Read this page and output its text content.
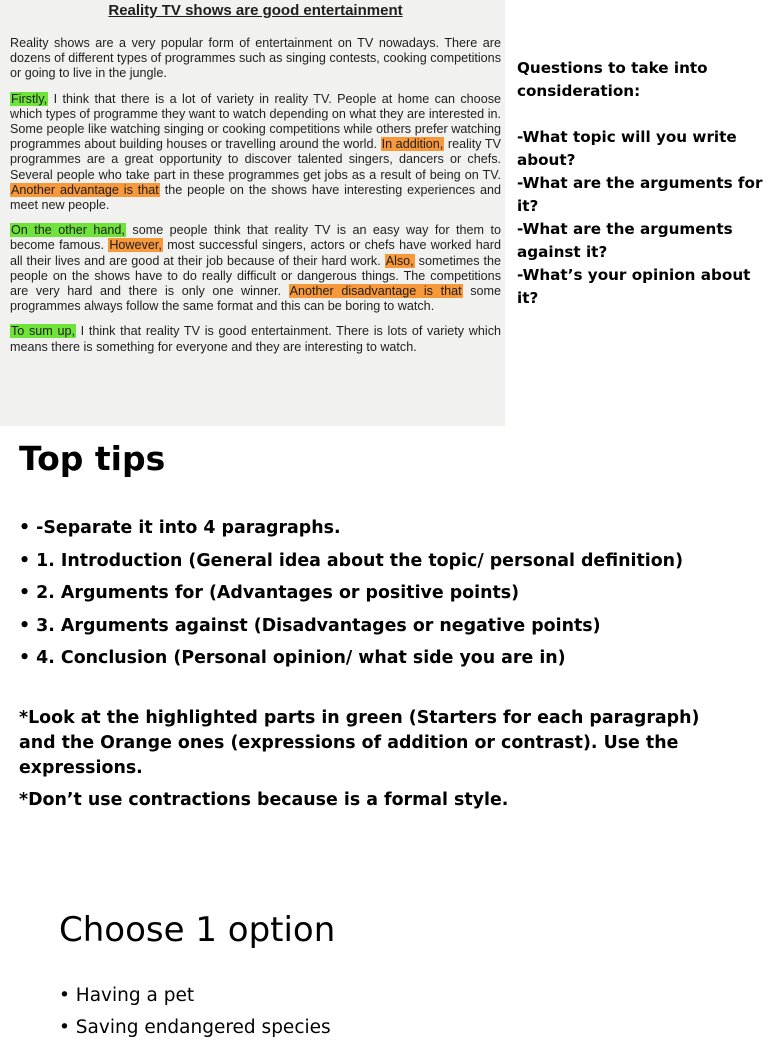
Reality TV shows are good entertainment

Reality shows are a very popular form of entertainment on TV nowadays. There are dozens of different types of programmes such as singing contests, cooking competitions or going to live in the jungle.

Firstly, I think that there is a lot of variety in reality TV. People at home can choose which types of programme they want to watch depending on what they are interested in. Some people like watching singing or cooking competitions while others prefer watching programmes about building houses or travelling around the world. In addition, reality TV programmes are a great opportunity to discover talented singers, dancers or chefs. Several people who take part in these programmes get jobs as a result of being on TV. Another advantage is that the people on the shows have interesting experiences and meet new people.

On the other hand, some people think that reality TV is an easy way for them to become famous. However, most successful singers, actors or chefs have worked hard all their lives and are good at their job because of their hard work. Also, sometimes the people on the shows have to do really difficult or dangerous things. The competitions are very hard and there is only one winner. Another disadvantage is that some programmes always follow the same format and this can be boring to watch.

To sum up, I think that reality TV is good entertainment. There is lots of variety which means there is something for everyone and they are interesting to watch.

Questions to take into consideration:

-What topic will you write about?
-What are the arguments for it?
-What are the arguments against it?
-What’s your opinion about it?
Top tips
• -Separate it into 4 paragraphs.
• 1. Introduction (General idea about the topic/ personal definition)
• 2. Arguments for (Advantages or positive points)
• 3. Arguments against (Disadvantages or negative points)
• 4. Conclusion (Personal opinion/ what side you are in)

*Look at the highlighted parts in green (Starters for each paragraph) and the Orange ones (expressions of addition or contrast). Use the expressions.

*Don’t use contractions because is a formal style.

Choose 1 option
• Having a pet
• Saving endangered species
